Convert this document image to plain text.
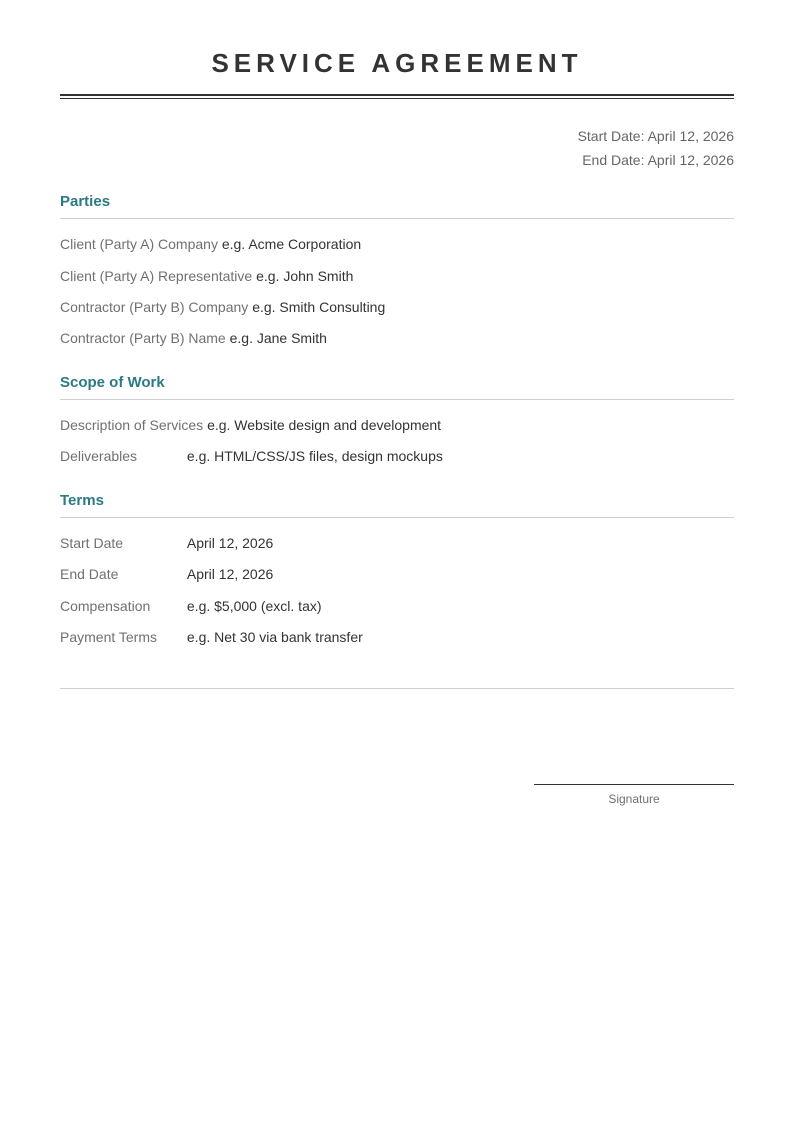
SERVICE AGREEMENT
Start Date: April 12, 2026
End Date: April 12, 2026
Parties
Client (Party A) Company e.g. Acme Corporation
Client (Party A) Representative e.g. John Smith
Contractor (Party B) Company e.g. Smith Consulting
Contractor (Party B) Name e.g. Jane Smith
Scope of Work
Description of Services e.g. Website design and development
Deliverables	e.g. HTML/CSS/JS files, design mockups
Terms
Start Date	April 12, 2026
End Date	April 12, 2026
Compensation	e.g. $5,000 (excl. tax)
Payment Terms e.g. Net 30 via bank transfer
Signature
